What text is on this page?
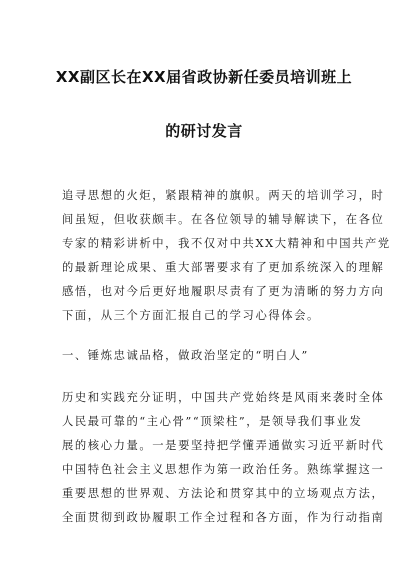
XX副区长在XX届省政协新任委员培训班上
的研讨发言
追寻思想的火炬，紧跟精神的旗帜。两天的培训学习，时
间虽短，但收获颇丰。在各位领导的辅导解读下，在各位
专家的精彩讲析中，我不仅对中共XX大精神和中国共产党
的最新理论成果、重大部署要求有了更加系统深入的理解
感悟，也对今后更好地履职尽责有了更为清晰的努力方向
下面，从三个方面汇报自己的学习心得体会。
一、锤炼忠诚品格，做政治坚定的“明白人”
历史和实践充分证明，中国共产党始终是风雨来袭时全体
人民最可靠的“主心骨”“顶梁柱”，是领导我们事业发
展的核心力量。一是要坚持把学懂弄通做实习近平新时代
中国特色社会主义思想作为第一政治任务。熟练掌握这一
重要思想的世界观、方法论和贯穿其中的立场观点方法，
全面贯彻到政协履职工作全过程和各方面，作为行动指南
